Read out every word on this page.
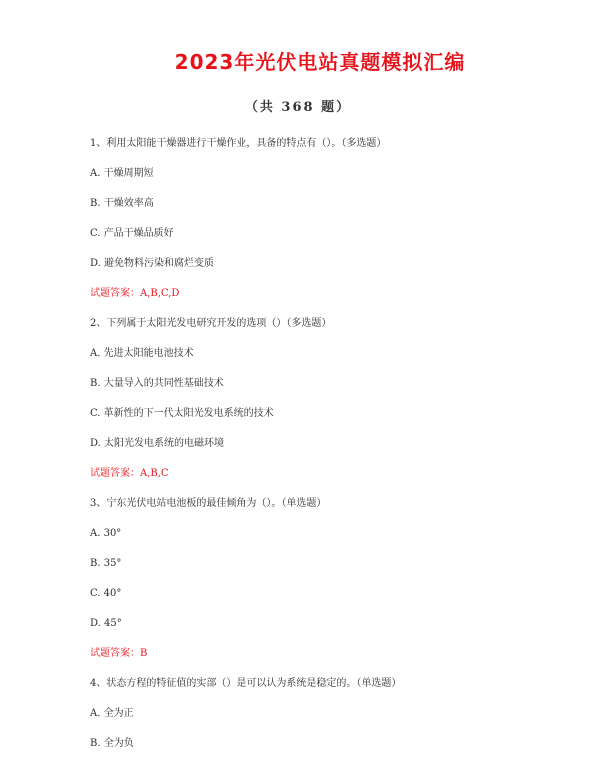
2023年光伏电站真题模拟汇编
（共 368 题）
1、利用太阳能干燥器进行干燥作业，具备的特点有（）。（多选题）
A. 干燥周期短
B. 干燥效率高
C. 产品干燥品质好
D. 避免物料污染和腐烂变质
试题答案：A,B,C,D
2、下列属于太阳光发电研究开发的选项（）（多选题）
A. 先进太阳能电池技术
B. 大量导入的共同性基础技术
C. 革新性的下一代太阳光发电系统的技术
D. 太阳光发电系统的电磁环境
试题答案：A,B,C
3、宁东光伏电站电池板的最佳倾角为（）。（单选题）
A. 30°
B. 35°
C. 40°
D. 45°
试题答案：B
4、状态方程的特征值的实部（）是可以认为系统是稳定的。（单选题）
A. 全为正
B. 全为负
